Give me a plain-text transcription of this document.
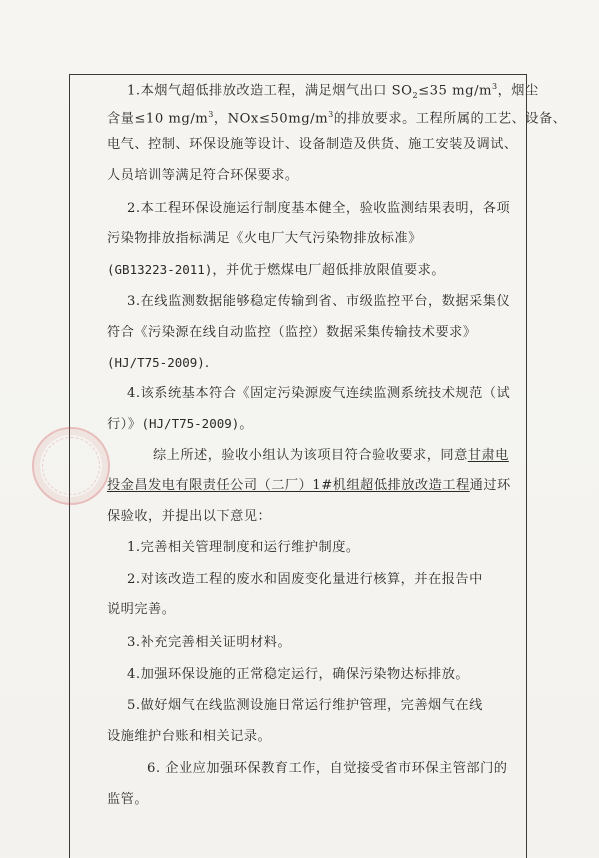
1.本烟气超低排放改造工程，满足烟气出口 $SO_2\le 35$ $mg/m^3$，烟尘
含量≤10 $mg/m^3$，$NOx\le 50mg/m^3$的排放要求。工程所属的工艺、设备、
电气、控制、环保设施等设计、设备制造及供货、施工安装及调试、
人员培训等满足符合环保要求。
2.本工程环保设施运行制度基本健全，验收监测结果表明，各项
污染物排放指标满足《火电厂大气污染物排放标准》
(GB13223-2011)，并优于燃煤电厂超低排放限值要求。
3.在线监测数据能够稳定传输到省、市级监控平台，数据采集仪
符合《污染源在线自动监控（监控）数据采集传输技术要求》
(HJ/T75-2009).
4.该系统基本符合《固定污染源废气连续监测系统技术规范（试
行）》(HJ/T75-2009)。
综上所述，验收小组认为该项目符合验收要求，同意甘肃电
投金昌发电有限责任公司（二厂）1#机组超低排放改造工程通过环
保验收，并提出以下意见：
1.完善相关管理制度和运行维护制度。
2.对该改造工程的废水和固废变化量进行核算，并在报告中
说明完善。
3.补充完善相关证明材料。
4.加强环保设施的正常稳定运行，确保污染物达标排放。
5.做好烟气在线监测设施日常运行维护管理，完善烟气在线
设施维护台账和相关记录。
6. 企业应加强环保教育工作，自觉接受省市环保主管部门的
监管。
